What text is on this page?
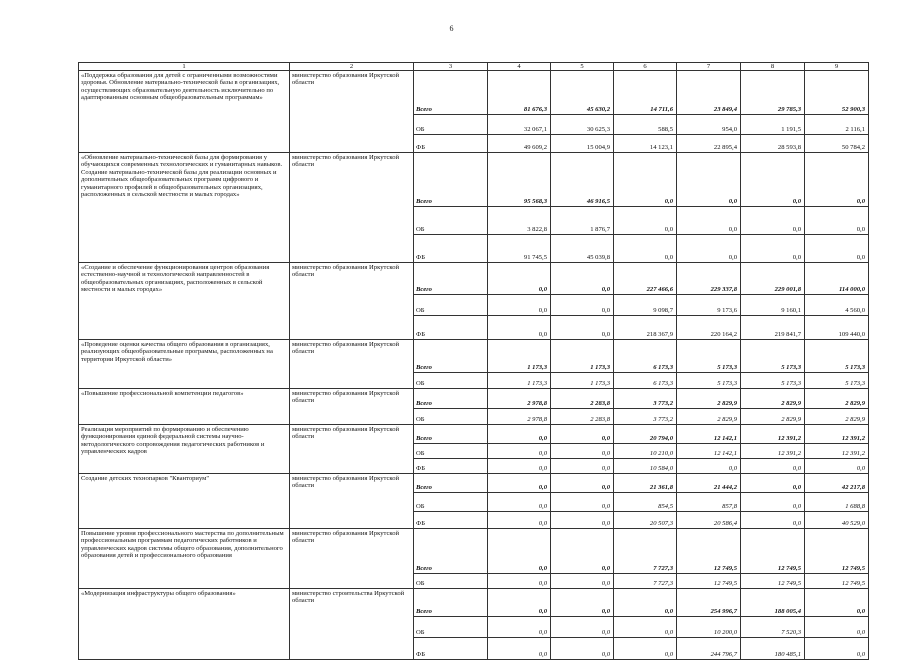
6
1	2	3	4	5	6	7	8	9
«Поддержка образования для детей с ограниченными возможностями здоровья. Обновление материально-технической базы в организациях, осуществляющих образовательную деятельность исключительно по адаптированным основным общеобразовательным программам»	министерство образования Иркутской области	Всего	81 676,3	45 630,2	14 711,6	23 849,4	29 785,3	52 900,3
		ОБ	32 067,1	30 625,3	588,5	954,0	1 191,5	2 116,1
		ФБ	49 609,2	15 004,9	14 123,1	22 895,4	28 593,8	50 784,2
«Обновление материально-технической базы для формирования у обучающихся современных технологических и гуманитарных навыков. Создание материально-технической базы для реализации основных и дополнительных общеобразовательных программ цифрового и гуманитарного профилей в общеобразовательных организациях, расположенных в сельской местности и малых городах»	министерство образования Иркутской области	Всего	95 568,3	46 916,5	0,0	0,0	0,0	0,0
		ОБ	3 822,8	1 876,7	0,0	0,0	0,0	0,0
		ФБ	91 745,5	45 039,8	0,0	0,0	0,0	0,0
«Создание и обеспечение функционирования центров образования естественно-научной и технологической направленностей в общеобразовательных организациях, расположенных в сельской местности и малых городах»	министерство образования Иркутской области	Всего	0,0	0,0	227 466,6	229 337,8	229 001,8	114 000,0
		ОБ	0,0	0,0	9 098,7	9 173,6	9 160,1	4 560,0
		ФБ	0,0	0,0	218 367,9	220 164,2	219 841,7	109 440,0
«Проведение оценки качества общего образования в организациях, реализующих общеобразовательные программы, расположенных на территории Иркутской области»	министерство образования Иркутской области	Всего	1 173,3	1 173,3	6 173,3	5 173,3	5 173,3	5 173,3
		ОБ	1 173,3	1 173,3	6 173,3	5 173,3	5 173,3	5 173,3
«Повышение профессиональной компетенции педагогов»	министерство образования Иркутской области	Всего	2 978,8	2 283,8	3 773,2	2 829,9	2 829,9	2 829,9
		ОБ	2 978,8	2 283,8	3 773,2	2 829,9	2 829,9	2 829,9
Реализация мероприятий по формированию и обеспечению функционирования единой федеральной системы научно-методологического сопровождения педагогических работников и управленческих кадров	министерство образования Иркутской области	Всего	0,0	0,0	20 794,0	12 142,1	12 391,2	12 391,2
		ОБ	0,0	0,0	10 210,0	12 142,1	12 391,2	12 391,2
		ФБ	0,0	0,0	10 584,0	0,0	0,0	0,0
Создание детских технопарков "Кванториум"	министерство образования Иркутской области	Всего	0,0	0,0	21 361,8	21 444,2	0,0	42 217,8
		ОБ	0,0	0,0	854,5	857,8	0,0	1 688,8
		ФБ	0,0	0,0	20 507,3	20 586,4	0,0	40 529,0
Повышение уровня профессионального мастерства по дополнительным профессиональным программам педагогических работников и управленческих кадров системы общего образования, дополнительного образования детей и профессионального образования	министерство образования Иркутской области	Всего	0,0	0,0	7 727,3	12 749,5	12 749,5	12 749,5
		ОБ	0,0	0,0	7 727,3	12 749,5	12 749,5	12 749,5
«Модернизация инфраструктуры общего образования»	министерство строительства Иркутской области	Всего	0,0	0,0	0,0	254 996,7	188 005,4	0,0
		ОБ	0,0	0,0	0,0	10 200,0	7 520,3	0,0
		ФБ	0,0	0,0	0,0	244 796,7	180 485,1	0,0
